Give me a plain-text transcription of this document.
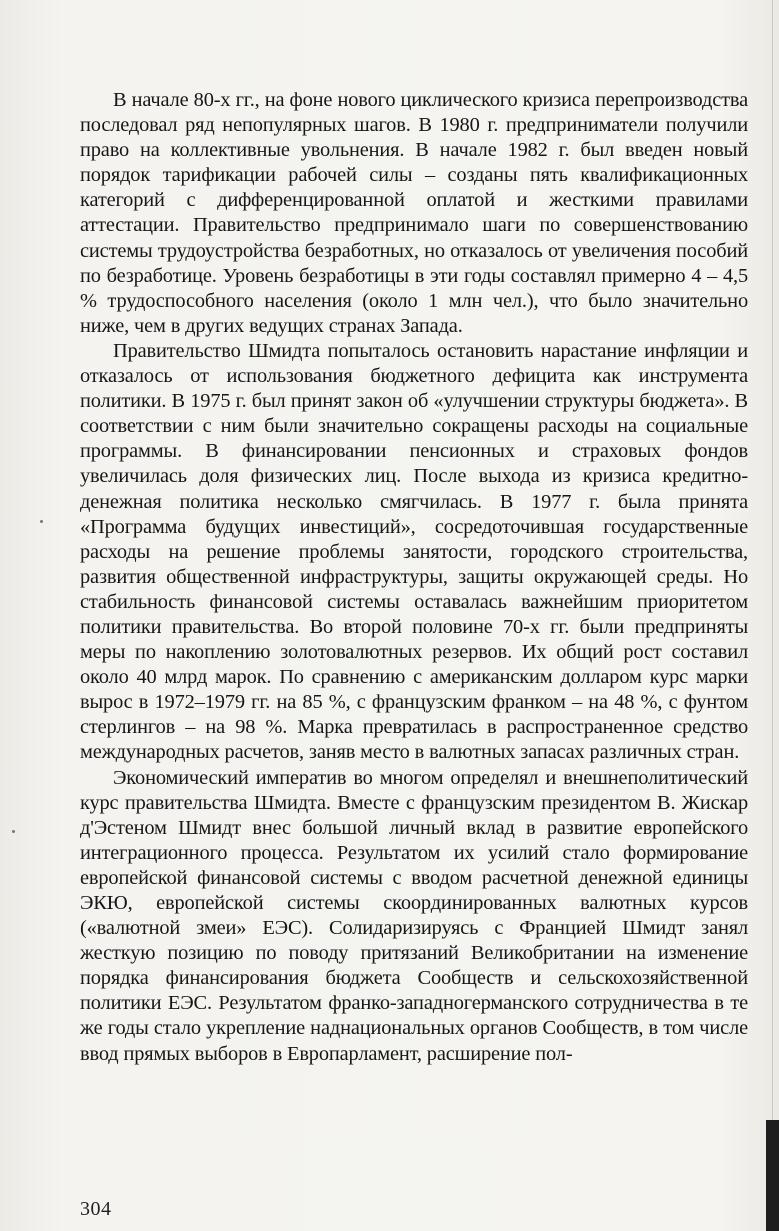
В начале 80-х гг., на фоне нового циклического кризиса перепроизводства последовал ряд непопулярных шагов. В 1980 г. предприниматели получили право на коллективные увольнения. В начале 1982 г. был введен новый порядок тарификации рабочей силы – созданы пять квалификационных категорий с дифференцированной оплатой и жесткими правилами аттестации. Правительство предпринимало шаги по совершенствованию системы трудоустройства безработных, но отказалось от увеличения пособий по безработице. Уровень безработицы в эти годы составлял примерно 4 – 4,5 % трудоспособного населения (около 1 млн чел.), что было значительно ниже, чем в других ведущих странах Запада.

Правительство Шмидта попыталось остановить нарастание инфляции и отказалось от использования бюджетного дефицита как инструмента политики. В 1975 г. был принят закон об «улучшении структуры бюджета». В соответствии с ним были значительно сокращены расходы на социальные программы. В финансировании пенсионных и страховых фондов увеличилась доля физических лиц. После выхода из кризиса кредитно-денежная политика несколько смягчилась. В 1977 г. была принята «Программа будущих инвестиций», сосредоточившая государственные расходы на решение проблемы занятости, городского строительства, развития общественной инфраструктуры, защиты окружающей среды. Но стабильность финансовой системы оставалась важнейшим приоритетом политики правительства. Во второй половине 70-х гг. были предприняты меры по накоплению золотовалютных резервов. Их общий рост составил около 40 млрд марок. По сравнению с американским долларом курс марки вырос в 1972–1979 гг. на 85 %, с французским франком – на 48 %, с фунтом стерлингов – на 98 %. Марка превратилась в распространенное средство международных расчетов, заняв место в валютных запасах различных стран.

Экономический императив во многом определял и внешнеполитический курс правительства Шмидта. Вместе с французским президентом В. Жискар д'Эстеном Шмидт внес большой личный вклад в развитие европейского интеграционного процесса. Результатом их усилий стало формирование европейской финансовой системы с вводом расчетной денежной единицы ЭКЮ, европейской системы скоординированных валютных курсов («валютной змеи» ЕЭС). Солидаризируясь с Францией Шмидт занял жесткую позицию по поводу притязаний Великобритании на изменение порядка финансирования бюджета Сообществ и сельскохозяйственной политики ЕЭС. Результатом франко-западногерманского сотрудничества в те же годы стало укрепление наднациональных органов Сообществ, в том числе ввод прямых выборов в Европарламент, расширение пол-

304
